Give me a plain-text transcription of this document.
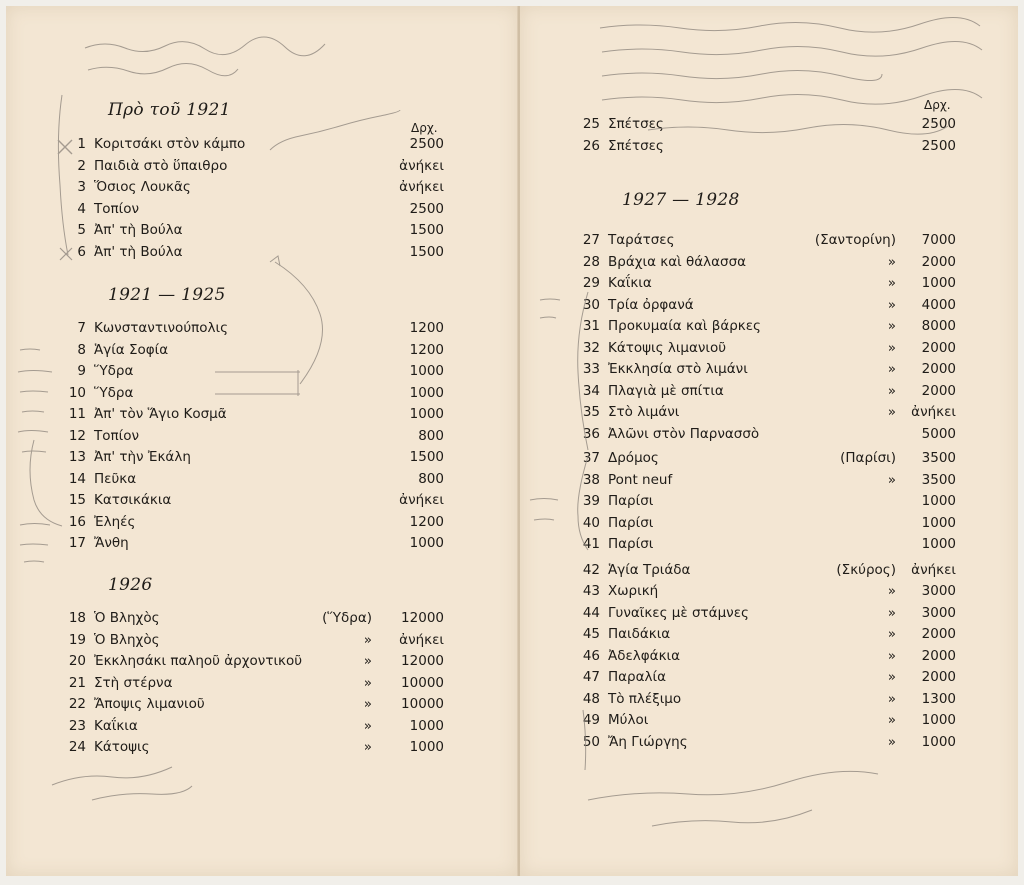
Πρὸ τοῦ 1921
Δρχ.
1921 — 1925
1926
Δρχ.
1927 — 1928
1 Κοριτσάκι στὸν κάμπο	2500
2 Παιδιὰ στὸ ὕπαιθρο	ἀνήκει
3 Ὅσιος Λουκᾶς	ἀνήκει
4 Τοπίον	2500
5 Ἀπ' τὴ Βούλα	1500
6 Ἀπ' τὴ Βούλα	1500
7 Κωνσταντινούπολις	1200
8 Ἁγία Σοφία	1200
9 Ὕδρα	1000
10 Ὕδρα	1000
11 Ἀπ' τὸν Ἅγιο Κοσμᾶ	1000
12 Τοπίον	800
13 Ἀπ' τὴν Ἐκάλη	1500
14 Πεῦκα	800
15 Κατσικάκια	ἀνήκει
16 Ἐληές	1200
17 Ἄνθη	1000
18 Ὁ Βληχὸς	(Ὕδρα)	12000
19 Ὁ Βληχὸς	»	ἀνήκει
20 Ἐκκλησάκι παληοῦ ἀρχοντικοῦ	»	12000
21 Στὴ στέρνα	»	10000
22 Ἄποψις λιμανιοῦ	»	10000
23 Καΐκια	»	1000
24 Κάτοψις	»	1000
25 Σπέτσες	2500
26 Σπέτσες	2500
27 Ταράτσες	(Σαντορίνη)	7000
28 Βράχια καὶ θάλασσα	»	2000
29 Καΐκια	»	1000
30 Τρία ὀρφανά	»	4000
31 Προκυμαία καὶ βάρκες	»	8000
32 Κάτοψις λιμανιοῦ	»	2000
33 Ἐκκλησία στὸ λιμάνι	»	2000
34 Πλαγιὰ μὲ σπίτια	»	2000
35 Στὸ λιμάνι	»	ἀνήκει
36 Ἀλῶνι στὸν Παρνασσὸ	5000
37 Δρόμος	(Παρίσι)	3500
38 Pont neuf	»	3500
39 Παρίσι	1000
40 Παρίσι	1000
41 Παρίσι	1000
42 Ἁγία Τριάδα	(Σκύρος)	ἀνήκει
43 Χωρική	»	3000
44 Γυναῖκες μὲ στάμνες	»	3000
45 Παιδάκια	»	2000
46 Ἀδελφάκια	»	2000
47 Παραλία	»	2000
48 Τὸ πλέξιμο	»	1300
49 Μύλοι	»	1000
50 Ἄη Γιώργης	»	1000
